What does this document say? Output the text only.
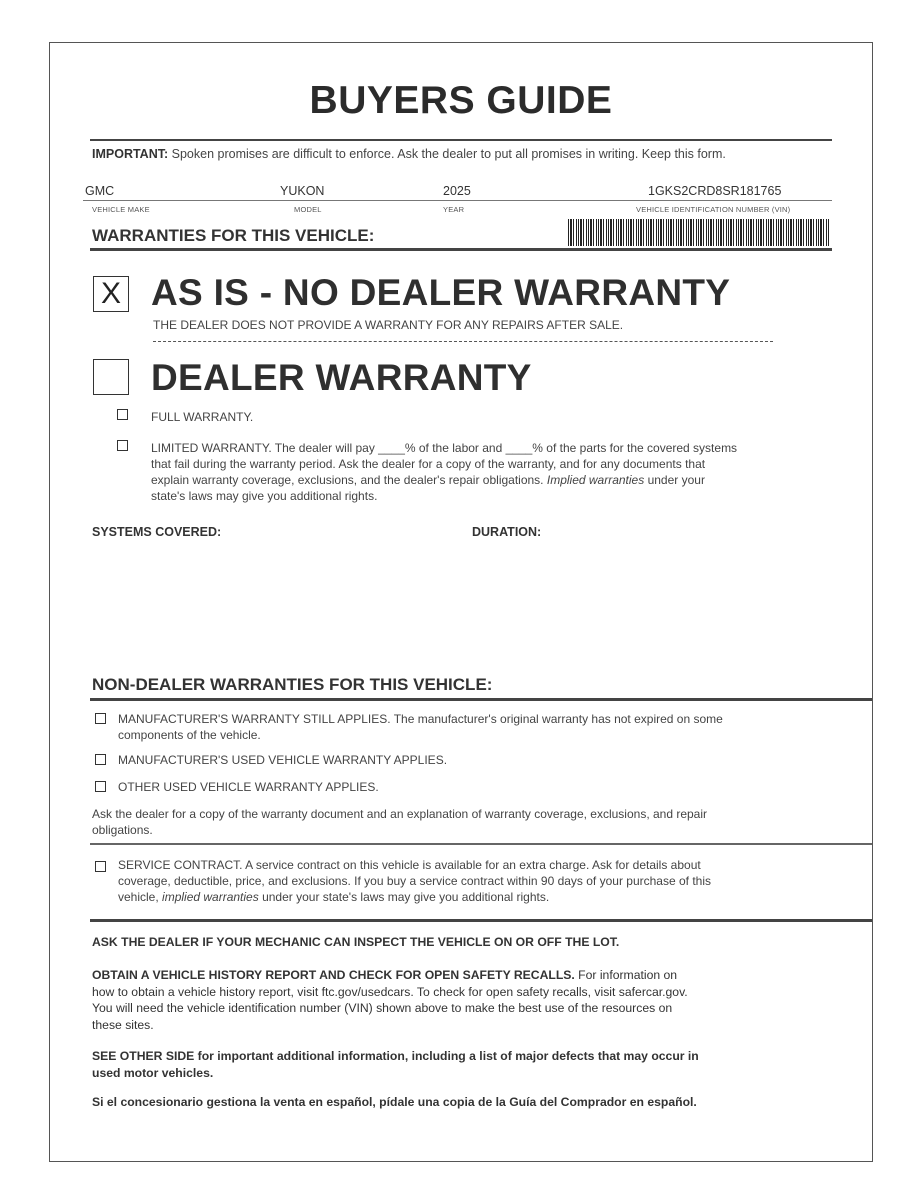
BUYERS GUIDE
IMPORTANT: Spoken promises are difficult to enforce. Ask the dealer to put all promises in writing. Keep this form.
GMC	YUKON	2025	1GKS2CRD8SR181765
VEHICLE MAKE	MODEL	YEAR	VEHICLE IDENTIFICATION NUMBER (VIN)
WARRANTIES FOR THIS VEHICLE:
X AS IS - NO DEALER WARRANTY
THE DEALER DOES NOT PROVIDE A WARRANTY FOR ANY REPAIRS AFTER SALE.
DEALER WARRANTY
FULL WARRANTY.
LIMITED WARRANTY. The dealer will pay ____% of the labor and ____% of the parts for the covered systems
that fail during the warranty period. Ask the dealer for a copy of the warranty, and for any documents that
explain warranty coverage, exclusions, and the dealer's repair obligations. Implied warranties under your
state's laws may give you additional rights.
SYSTEMS COVERED:	DURATION:
NON-DEALER WARRANTIES FOR THIS VEHICLE:
MANUFACTURER'S WARRANTY STILL APPLIES. The manufacturer's original warranty has not expired on some
components of the vehicle.
MANUFACTURER'S USED VEHICLE WARRANTY APPLIES.
OTHER USED VEHICLE WARRANTY APPLIES.
Ask the dealer for a copy of the warranty document and an explanation of warranty coverage, exclusions, and repair
obligations.
SERVICE CONTRACT. A service contract on this vehicle is available for an extra charge. Ask for details about
coverage, deductible, price, and exclusions. If you buy a service contract within 90 days of your purchase of this
vehicle, implied warranties under your state's laws may give you additional rights.
ASK THE DEALER IF YOUR MECHANIC CAN INSPECT THE VEHICLE ON OR OFF THE LOT.
OBTAIN A VEHICLE HISTORY REPORT AND CHECK FOR OPEN SAFETY RECALLS. For information on
how to obtain a vehicle history report, visit ftc.gov/usedcars. To check for open safety recalls, visit safercar.gov.
You will need the vehicle identification number (VIN) shown above to make the best use of the resources on
these sites.
SEE OTHER SIDE for important additional information, including a list of major defects that may occur in
used motor vehicles.
Si el concesionario gestiona la venta en español, pídale una copia de la Guía del Comprador en español.
